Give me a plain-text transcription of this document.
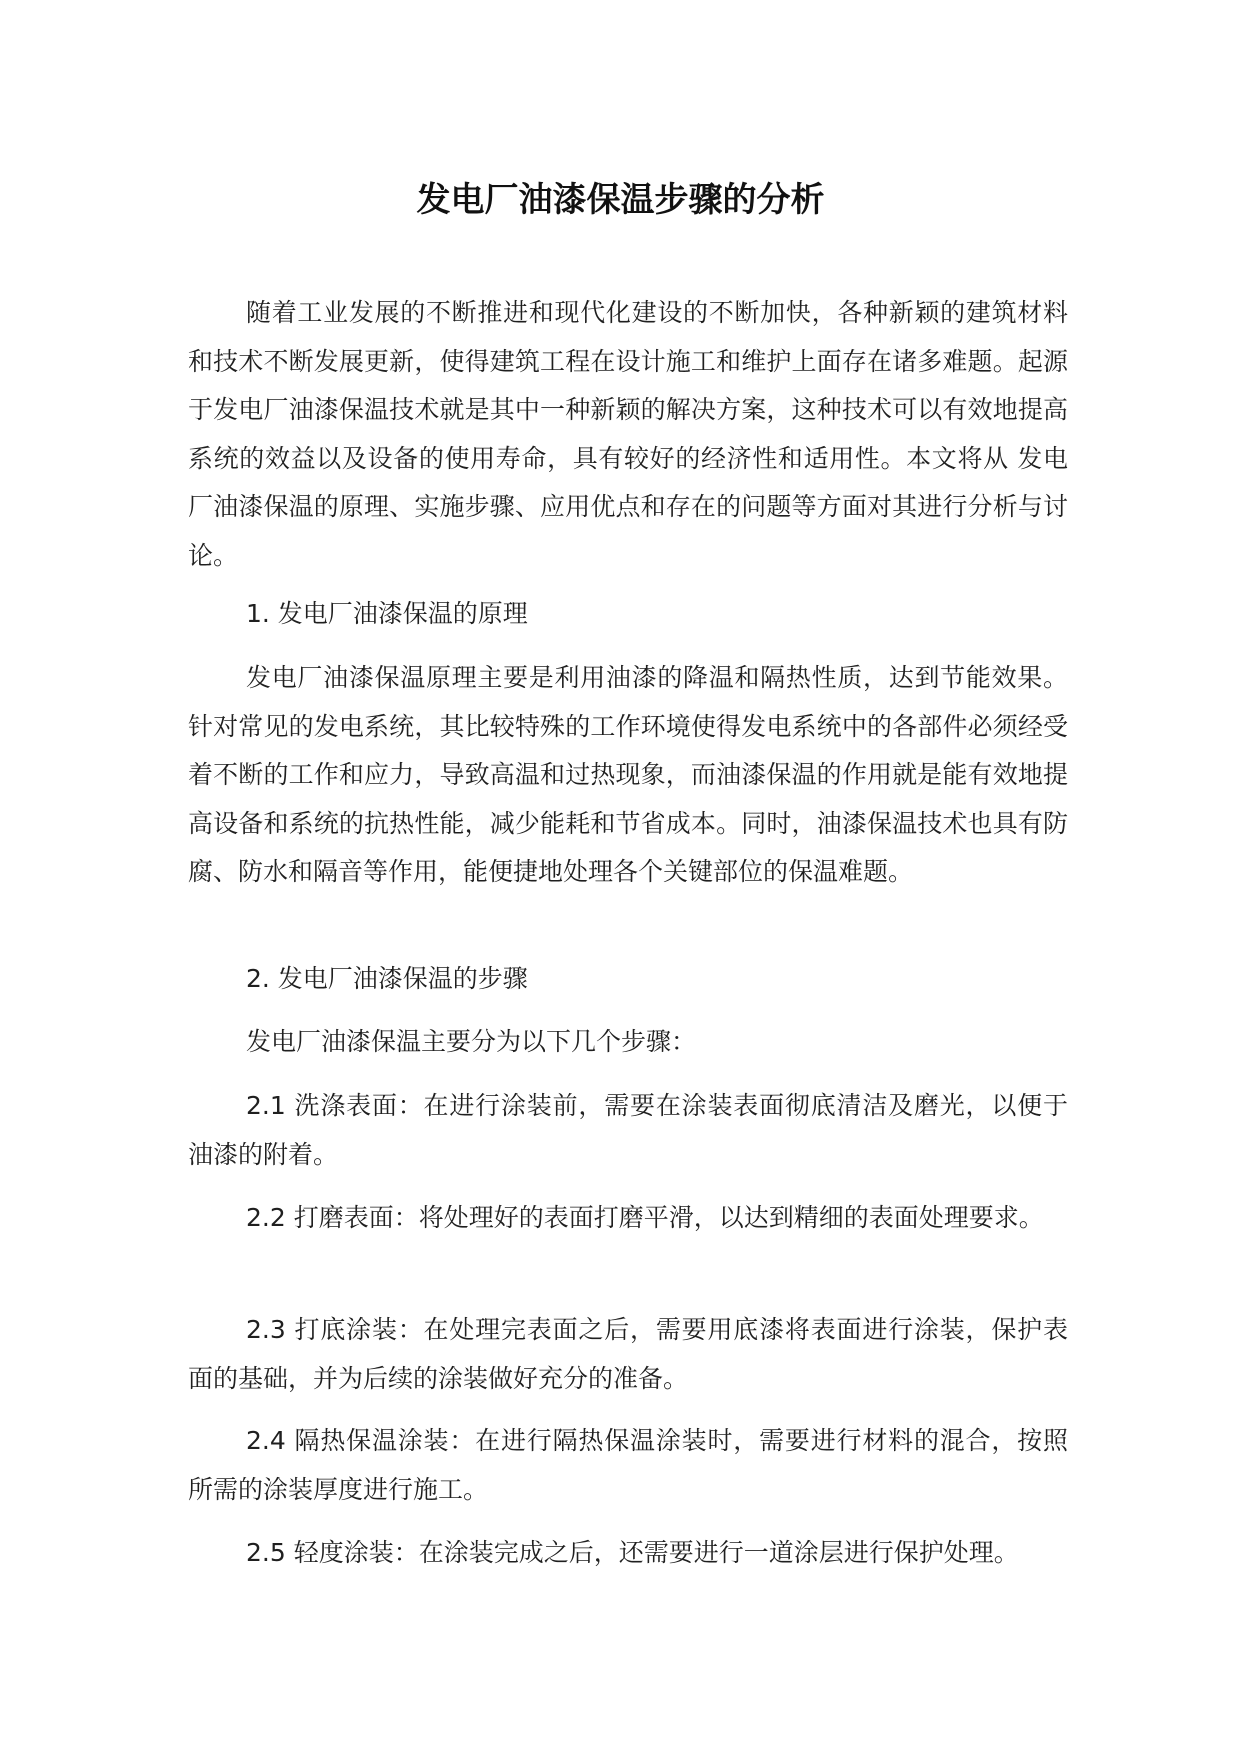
发电厂油漆保温步骤的分析

随着工业发展的不断推进和现代化建设的不断加快，各种新颖的建筑材料和技术不断发展更新，使得建筑工程在设计施工和维护上面存在诸多难题。起源于发电厂油漆保温技术就是其中一种新颖的解决方案，这种技术可以有效地提高系统的效益以及设备的使用寿命，具有较好的经济性和适用性。本文将从 发电厂油漆保温的原理、实施步骤、应用优点和存在的问题等方面对其进行分析与讨论。

1. 发电厂油漆保温的原理

发电厂油漆保温原理主要是利用油漆的降温和隔热性质，达到节能效果。针对常见的发电系统，其比较特殊的工作环境使得发电系统中的各部件必须经受着不断的工作和应力，导致高温和过热现象，而油漆保温的作用就是能有效地提高设备和系统的抗热性能，减少能耗和节省成本。同时，油漆保温技术也具有防腐、防水和隔音等作用，能便捷地处理各个关键部位的保温难题。

2. 发电厂油漆保温的步骤

发电厂油漆保温主要分为以下几个步骤：

2.1 洗涤表面：在进行涂装前，需要在涂装表面彻底清洁及磨光，以便于油漆的附着。

2.2 打磨表面：将处理好的表面打磨平滑，以达到精细的表面处理要求。

2.3 打底涂装：在处理完表面之后，需要用底漆将表面进行涂装，保护表面的基础，并为后续的涂装做好充分的准备。

2.4 隔热保温涂装：在进行隔热保温涂装时，需要进行材料的混合，按照所需的涂装厚度进行施工。

2.5 轻度涂装：在涂装完成之后，还需要进行一道涂层进行保护处理。
